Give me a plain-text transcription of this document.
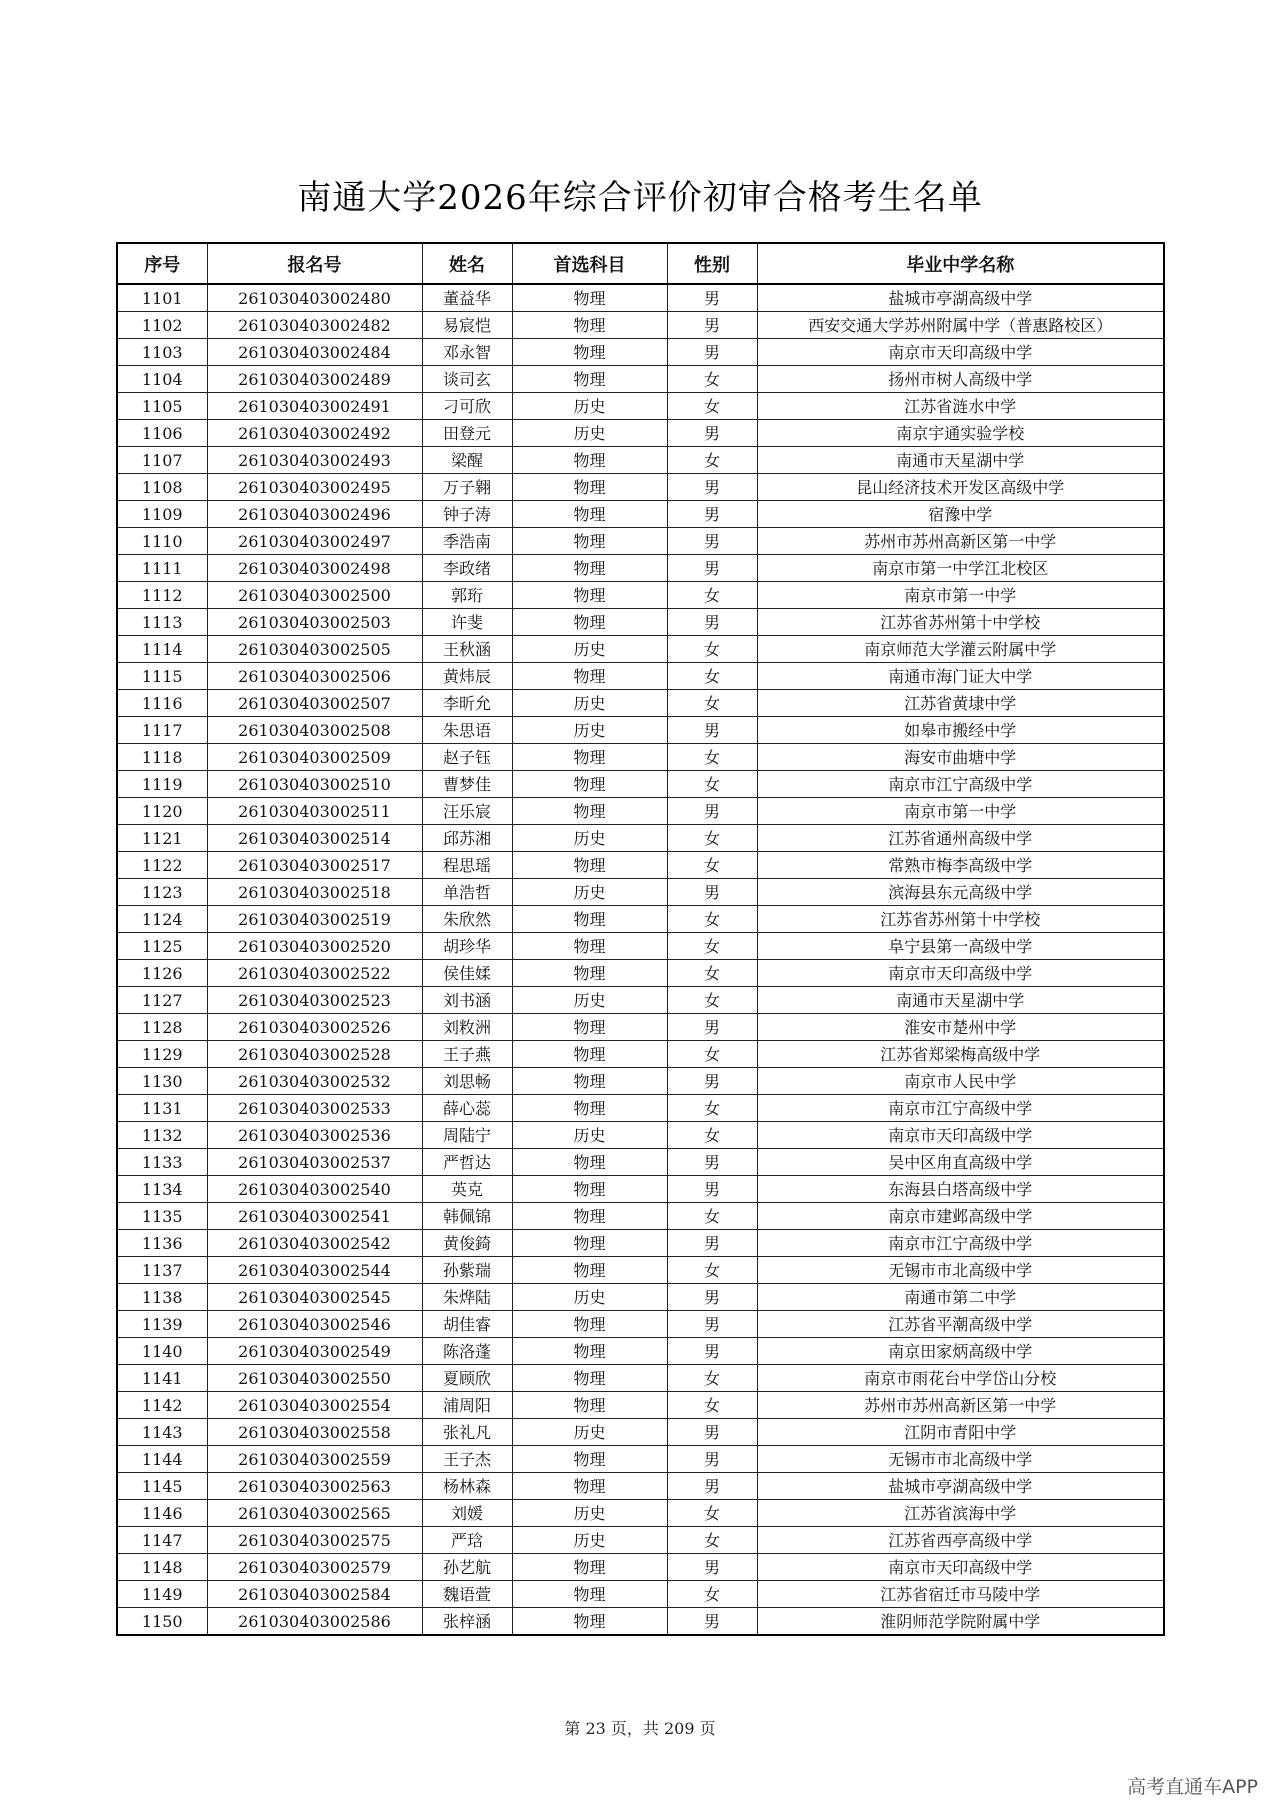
南通大学2026年综合评价初审合格考生名单
序号	报名号	姓名	首选科目	性别	毕业中学名称
1101	261030403002480	董益华	物理	男	盐城市亭湖高级中学
1102	261030403002482	易宸恺	物理	男	西安交通大学苏州附属中学（普惠路校区）
1103	261030403002484	邓永智	物理	男	南京市天印高级中学
1104	261030403002489	谈司玄	物理	女	扬州市树人高级中学
1105	261030403002491	刁可欣	历史	女	江苏省涟水中学
1106	261030403002492	田登元	历史	男	南京宇通实验学校
1107	261030403002493	梁醒	物理	女	南通市天星湖中学
1108	261030403002495	万子翱	物理	男	昆山经济技术开发区高级中学
1109	261030403002496	钟子涛	物理	男	宿豫中学
1110	261030403002497	季浩南	物理	男	苏州市苏州高新区第一中学
1111	261030403002498	李政绪	物理	男	南京市第一中学江北校区
1112	261030403002500	郭珩	物理	女	南京市第一中学
1113	261030403002503	许斐	物理	男	江苏省苏州第十中学校
1114	261030403002505	王秋涵	历史	女	南京师范大学灌云附属中学
1115	261030403002506	黄炜辰	物理	女	南通市海门证大中学
1116	261030403002507	李昕允	历史	女	江苏省黄埭中学
1117	261030403002508	朱思语	历史	男	如皋市搬经中学
1118	261030403002509	赵子钰	物理	女	海安市曲塘中学
1119	261030403002510	曹梦佳	物理	女	南京市江宁高级中学
1120	261030403002511	汪乐宸	物理	男	南京市第一中学
1121	261030403002514	邱苏湘	历史	女	江苏省通州高级中学
1122	261030403002517	程思瑶	物理	女	常熟市梅李高级中学
1123	261030403002518	单浩哲	历史	男	滨海县东元高级中学
1124	261030403002519	朱欣然	物理	女	江苏省苏州第十中学校
1125	261030403002520	胡珍华	物理	女	阜宁县第一高级中学
1126	261030403002522	侯佳媃	物理	女	南京市天印高级中学
1127	261030403002523	刘书涵	历史	女	南通市天星湖中学
1128	261030403002526	刘敉洲	物理	男	淮安市楚州中学
1129	261030403002528	王子燕	物理	女	江苏省郑梁梅高级中学
1130	261030403002532	刘思畅	物理	男	南京市人民中学
1131	261030403002533	薛心蕊	物理	女	南京市江宁高级中学
1132	261030403002536	周陆宁	历史	女	南京市天印高级中学
1133	261030403002537	严哲达	物理	男	吴中区甪直高级中学
1134	261030403002540	英克	物理	男	东海县白塔高级中学
1135	261030403002541	韩佩锦	物理	女	南京市建邺高级中学
1136	261030403002542	黄俊錡	物理	男	南京市江宁高级中学
1137	261030403002544	孙紫瑞	物理	女	无锡市市北高级中学
1138	261030403002545	朱烨陆	历史	男	南通市第二中学
1139	261030403002546	胡佳睿	物理	男	江苏省平潮高级中学
1140	261030403002549	陈洛蓬	物理	男	南京田家炳高级中学
1141	261030403002550	夏顾欣	物理	女	南京市雨花台中学岱山分校
1142	261030403002554	浦周阳	物理	女	苏州市苏州高新区第一中学
1143	261030403002558	张礼凡	历史	男	江阴市青阳中学
1144	261030403002559	王子杰	物理	男	无锡市市北高级中学
1145	261030403002563	杨林森	物理	男	盐城市亭湖高级中学
1146	261030403002565	刘媛	历史	女	江苏省滨海中学
1147	261030403002575	严琀	历史	女	江苏省西亭高级中学
1148	261030403002579	孙艺航	物理	男	南京市天印高级中学
1149	261030403002584	魏语萱	物理	女	江苏省宿迁市马陵中学
1150	261030403002586	张梓涵	物理	男	淮阴师范学院附属中学
第 23 页，共 209 页
高考直通车APP
